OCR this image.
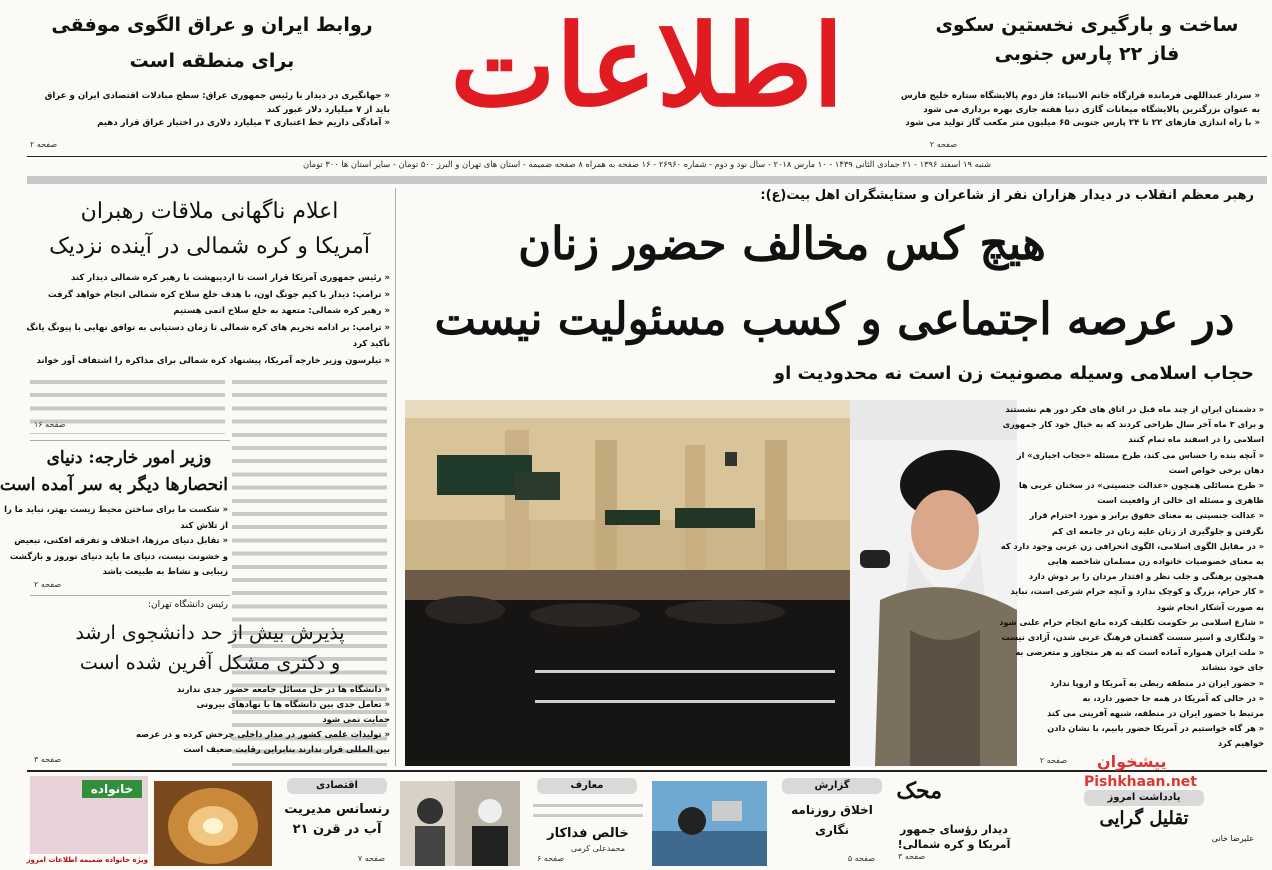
اطلاعات	ساخت و بارگیری نخستین سکوی
فاز ۲۲ پارس جنوبی
« سردار عبداللهی فرمانده قرارگاه خاتم الانبیاء: فاز دوم پالایشگاه ستاره خلیج فارس
به عنوان بزرگترین پالایشگاه میعانات گازی دنیا هفته جاری بهره برداری می شود
« با راه اندازی فازهای ۲۲ تا ۲۴ پارس جنوبی ۶۵ میلیون متر مکعب گاز تولید می شود
صفحه ۲
روابط ایران و عراق الگوی موفقی
برای منطقه است
« جهانگیری در دیدار با رئیس جمهوری عراق: سطح مبادلات اقتصادی ایران و عراق
باید از ۷ میلیارد دلار عبور کند
« آمادگی داریم خط اعتباری ۳ میلیارد دلاری در اختیار عراق قرار دهیم
صفحه ۲
شنبه ۱۹ اسفند ۱۳۹۶ - ۲۱ جمادی الثانی ۱۴۳۹ - ۱۰ مارس ۲۰۱۸ - سال نود و دوم - شماره ۲۶۹۶۰ - ۱۶ صفحه به همراه ۸ صفحه ضمیمه - استان های تهران و البرز ۵۰۰ تومان - سایر استان ها ۳۰۰ تومان
رهبر معظم انقلاب در دیدار هزاران نفر از شاعران و ستایشگران اهل بیت(ع):
هیچ کس مخالف حضور زنان
در عرصه اجتماعی و کسب مسئولیت نیست
حجاب اسلامی وسیله مصونیت زن است نه محدودیت او
« دشمنان ایران از چند ماه قبل در اتاق های فکر دور هم نشستند
و برای ۳ ماه آخر سال طراحی کردند که به خیال خود کار جمهوری
اسلامی را در اسفند ماه تمام کنند
« آنچه بنده را حساس می کند، طرح مسئله «حجاب اجباری» از
دهان برخی خواص است
« طرح مسائلی همچون «عدالت جنسیتی» در سخنان غربی ها
ظاهری و مسئله ای خالی از واقعیت است
« عدالت جنسیتی به معنای حقوق برابر و مورد احترام قرار
نگرفتن و جلوگیری از زنان علیه زنان در جامعه ای کم
« در مقابل الگوی اسلامی، الگوی انحرافی زن غربی وجود دارد که
به معنای خصوصیات خانواده زن مسلمان شاخصه هایی
همچون برهنگی و جلب نظر و اقتدار مردان را بر دوش دارد
« کار حرام، بزرگ و کوچک ندارد و آنچه حرام شرعی است، نباید
به صورت آشکار انجام شود
« شارع اسلامی بر حکومت تکلیف کرده مانع انجام حرام علنی شود
« ولنگاری و اسیر سست گفتمان فرهنگ غربی شدن، آزادی نیست
« ملت ایران همواره آماده است که به هر متجاوز و متعرضی به
جای خود بنشاند
« حضور ایران در منطقه ربطی به آمریکا و اروپا ندارد
« در حالی که آمریکا در همه جا حضور دارد، به
مرتبط با حضور ایران در منطقه، شبهه آفرینی می کند
« هر گاه خواستیم در آمریکا حضور یابیم، با نشان دادن
خواهیم کرد
صفحه ۲
اعلام ناگهانی ملاقات رهبران
آمریکا و کره شمالی در آینده نزدیک
« رئیس جمهوری آمریکا قرار است تا اردیبهشت با رهبر کره شمالی دیدار کند
« ترامپ: دیدار با کیم جونگ اون، با هدف خلع سلاح کره شمالی انجام خواهد گرفت
« رهبر کره شمالی: متعهد به خلع سلاح اتمی هستیم
« ترامپ: بر ادامه تحریم های کره شمالی تا زمان دستیابی به توافق نهایی با پیونگ یانگ
تأکید کرد
« تیلرسون وزیر خارجه آمریکا، پیشنهاد کره شمالی برای مذاکره را اشتفاف آور خواند
صفحه ۱۶
وزیر امور خارجه: دنیای
انحصارها دیگر به سر آمده است
« شکست ما برای ساختن محیط زیست بهتر، نباید ما را
از تلاش کند
« تقابل دنیای مرزها، اختلاف و تفرقه افکنی، تبعیض
و خشونت نیست، دنیای ما باید دنیای نوروز و بازگشت
زیبایی و نشاط به طبیعت باشد
صفحه ۲
رئیس دانشگاه تهران:
پذیرش بیش از حد دانشجوی ارشد
و دکتری مشکل آفرین شده است
« دانشگاه ها در حل مسائل جامعه حضور جدی ندارند
« تعامل جدی بین دانشگاه ها با نهادهای بیرونی
حمایت نمی شود
« تولیدات علمی کشور در مدار داخلی چرخش کرده و در عرصه
بین المللی قرار ندارند بنابراین رقابت ضعیف است
صفحه ۳
یادداشت امروز
تقلیل گرایی
علیرضا خانی
محک
دیدار رؤسای جمهور آمریکا و کره شمالی!
صفحه ۳
گزارش
اخلاق روزنامه نگاری
صفحه ۵
معارف
خالص فداکار
محمدعلی کرمی
صفحه ۶
اقتصادی
رنسانس مدیریت آب در قرن ۲۱
صفحه ۷
خانواده
ویژه خانواده ضمیمه اطلاعات امروز
پیشخوان
Pishkhaan.net
